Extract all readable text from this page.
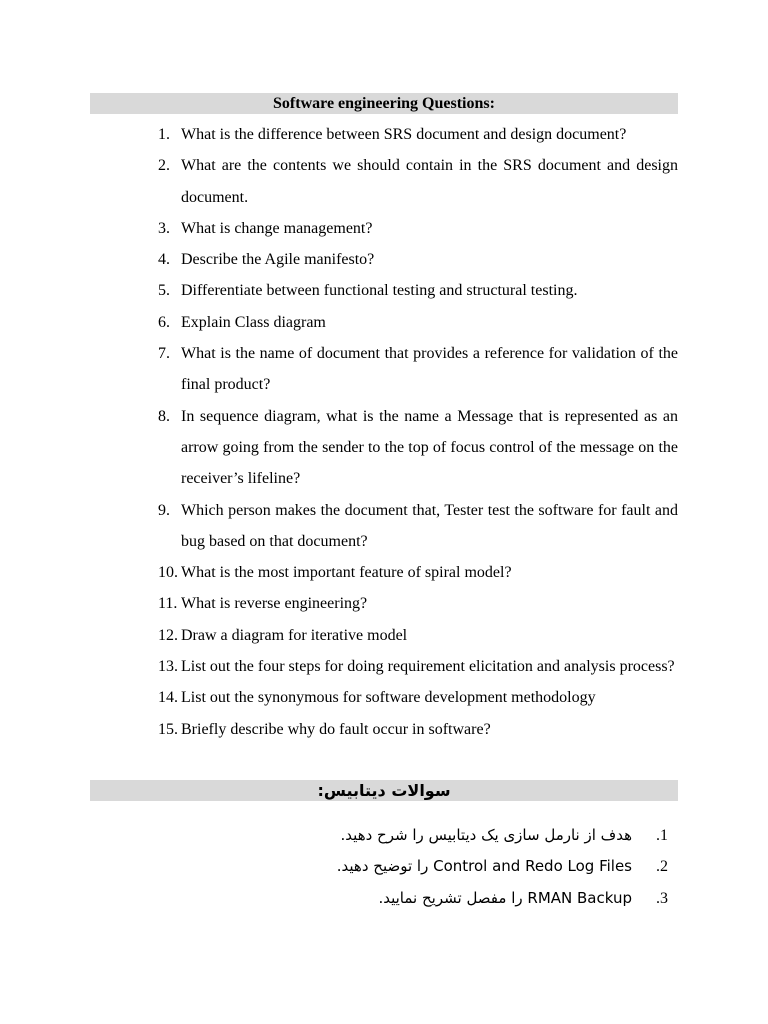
Software engineering Questions:
1. What is the difference between SRS document and design document?
2. What are the contents we should contain in the SRS document and design document.
3. What is change management?
4. Describe the Agile manifesto?
5. Differentiate between functional testing and structural testing.
6. Explain Class diagram
7. What is the name of document that provides a reference for validation of the final product?
8. In sequence diagram, what is the name a Message that is represented as an arrow going from the sender to the top of focus control of the message on the receiver’s lifeline?
9. Which person makes the document that, Tester test the software for fault and bug based on that document?
10. What is the most important feature of spiral model?
11. What is reverse engineering?
12. Draw a diagram for iterative model
13. List out the four steps for doing requirement elicitation and analysis process?
14. List out the synonymous for software development methodology
15. Briefly describe why do fault occur in software?
سوالات دیتابیس:
هدف از نارمل سازی یک دیتابیس را شرح دهید. .1
Control and Redo Log Files را توضیح دهید. .2
RMAN Backup را مفصل تشریح نمایید. .3
